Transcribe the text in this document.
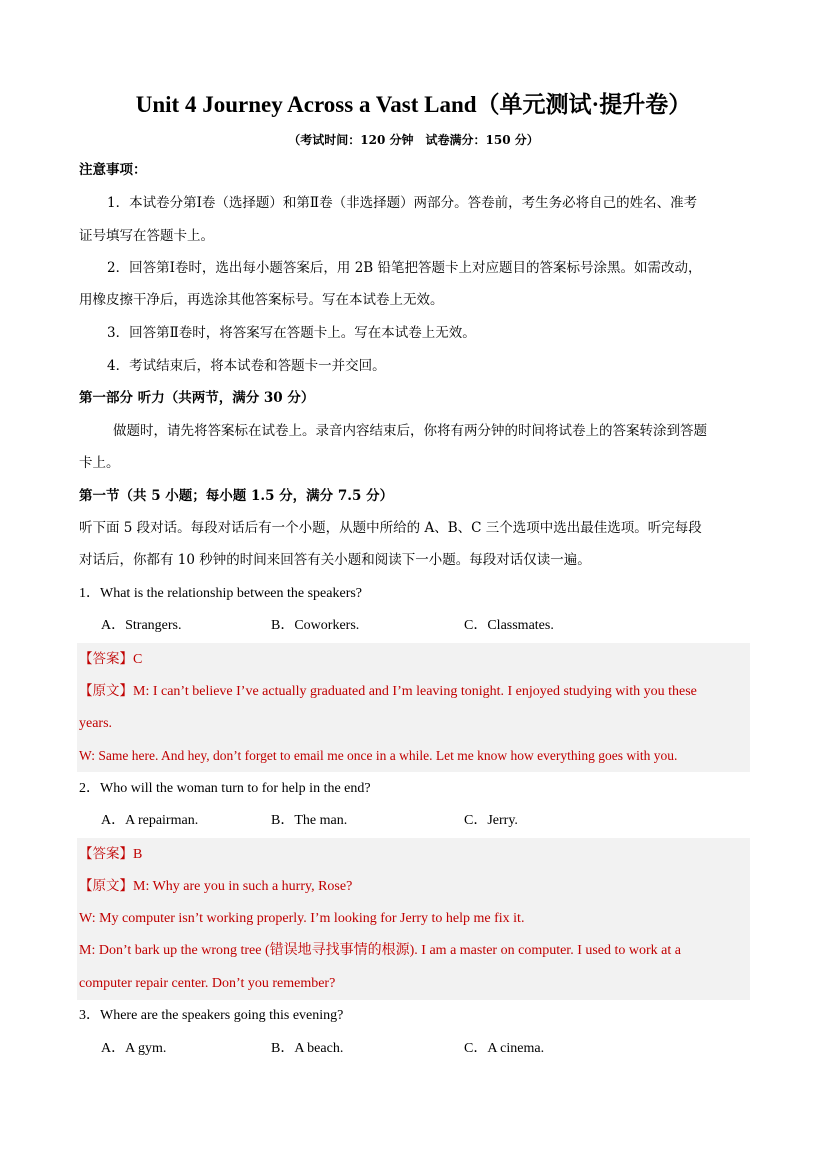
Unit 4 Journey Across a Vast Land（单元测试·提升卷）
（考试时间：120 分钟　试卷满分：150 分）
注意事项：
1．本试卷分第Ⅰ卷（选择题）和第Ⅱ卷（非选择题）两部分。答卷前，考生务必将自己的姓名、准考
证号填写在答题卡上。
2．回答第Ⅰ卷时，选出每小题答案后，用 2B 铅笔把答题卡上对应题目的答案标号涂黑。如需改动，
用橡皮擦干净后，再选涂其他答案标号。写在本试卷上无效。
3．回答第Ⅱ卷时，将答案写在答题卡上。写在本试卷上无效。
4．考试结束后，将本试卷和答题卡一并交回。
第一部分 听力（共两节，满分 30 分）
做题时，请先将答案标在试卷上。录音内容结束后，你将有两分钟的时间将试卷上的答案转涂到答题
卡上。
第一节（共 5 小题；每小题 1.5 分，满分 7.5 分）
听下面 5 段对话。每段对话后有一个小题，从题中所给的 A、B、C 三个选项中选出最佳选项。听完每段
对话后，你都有 10 秒钟的时间来回答有关小题和阅读下一小题。每段对话仅读一遍。
1．What is the relationship between the speakers?
A．Strangers.	B．Coworkers.	C．Classmates.
【答案】C
【原文】M: I can’t believe I’ve actually graduated and I’m leaving tonight. I enjoyed studying with you these
years.
W: Same here. And hey, don’t forget to email me once in a while. Let me know how everything goes with you.
2．Who will the woman turn to for help in the end?
A．A repairman.	B．The man.	C．Jerry.
【答案】B
【原文】M: Why are you in such a hurry, Rose?
W: My computer isn’t working properly. I’m looking for Jerry to help me fix it.
M: Don’t bark up the wrong tree (错误地寻找事情的根源). I am a master on computer. I used to work at a
computer repair center. Don’t you remember?
3．Where are the speakers going this evening?
A．A gym.	B．A beach.	C．A cinema.
